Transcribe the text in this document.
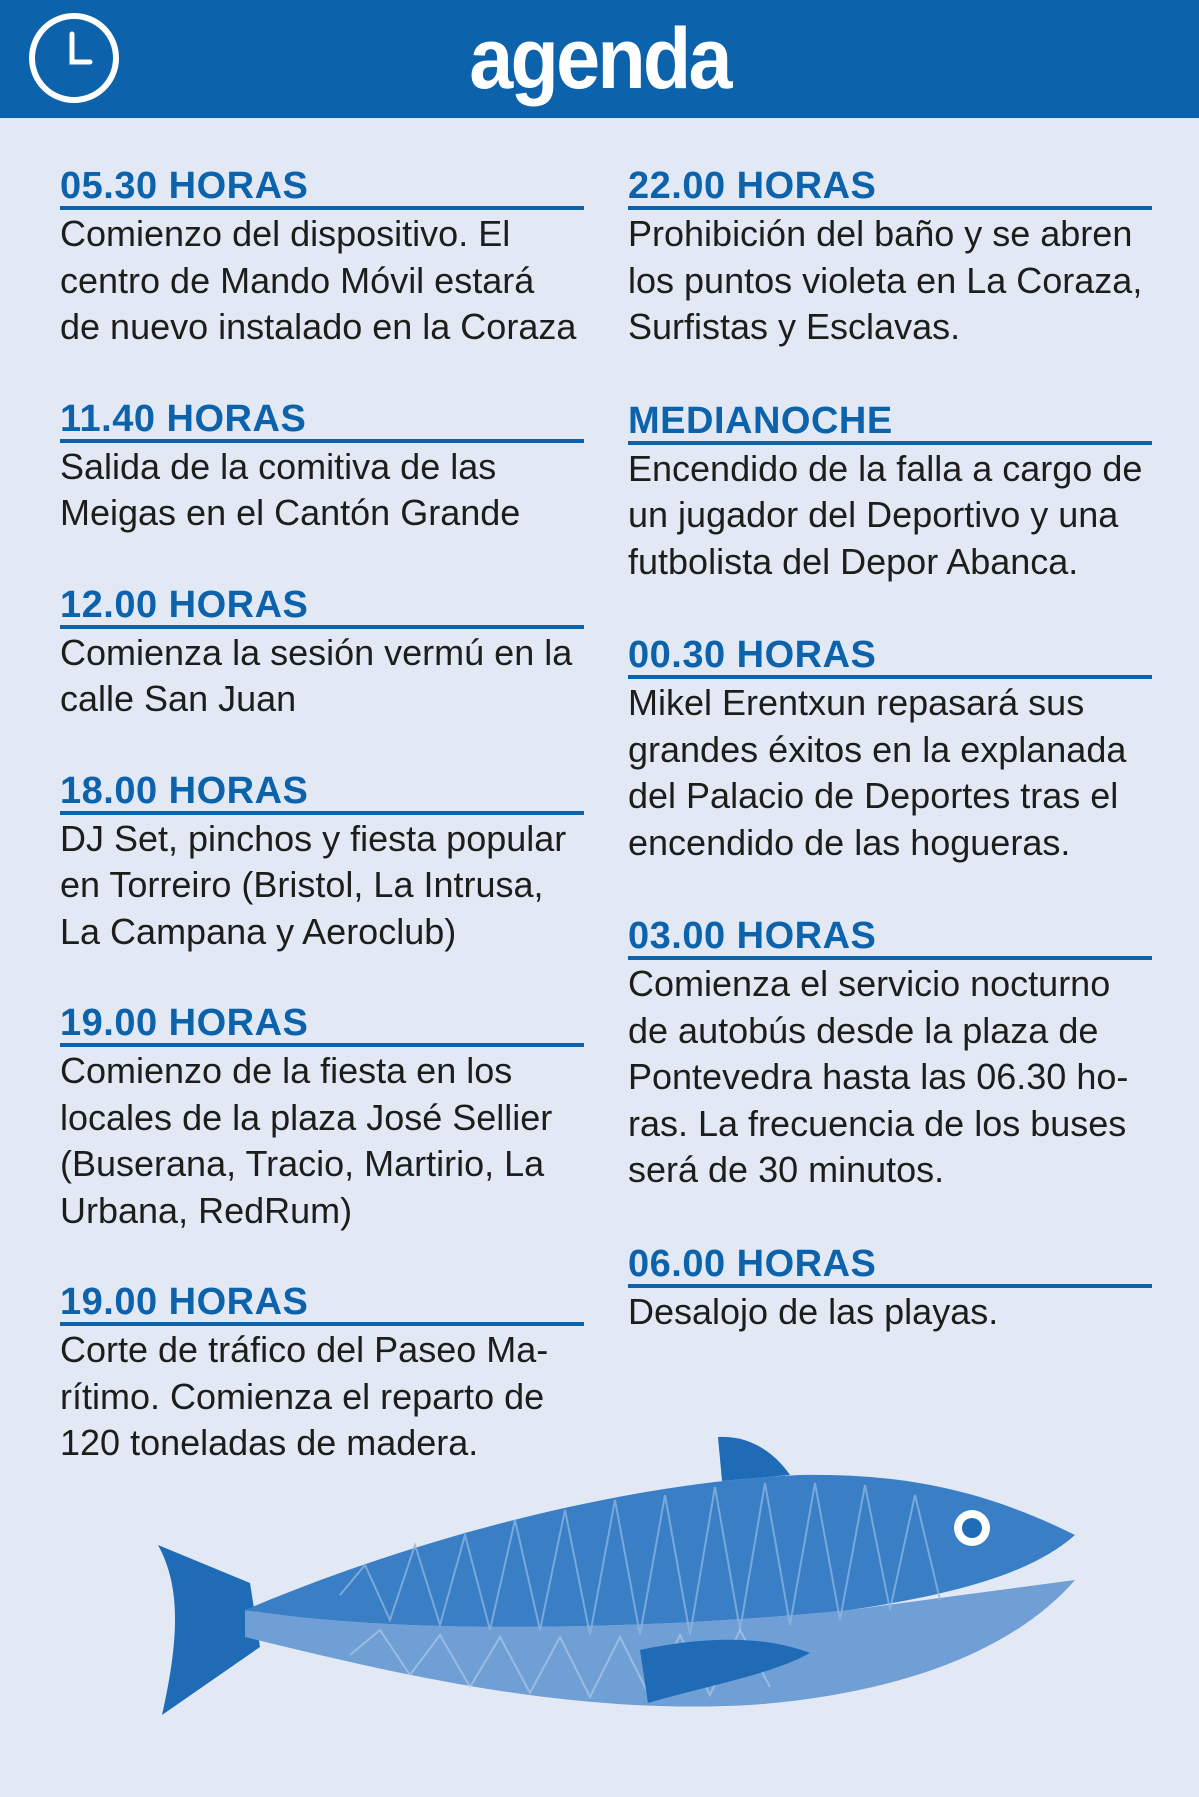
agenda
05.30 HORAS
Comienzo del dispositivo. El
centro de Mando Móvil estará
de nuevo instalado en la Coraza
11.40 HORAS
Salida de la comitiva de las
Meigas en el Cantón Grande
12.00 HORAS
Comienza la sesión vermú en la
calle San Juan
18.00 HORAS
DJ Set, pinchos y fiesta popular
en Torreiro (Bristol, La Intrusa,
La Campana y Aeroclub)
19.00 HORAS
Comienzo de la fiesta en los
locales de la plaza José Sellier
(Buserana, Tracio, Martirio, La
Urbana, RedRum)
19.00 HORAS
Corte de tráfico del Paseo Ma-
rítimo. Comienza el reparto de
120 toneladas de madera.
22.00 HORAS
Prohibición del baño y se abren
los puntos violeta en La Coraza,
Surfistas y Esclavas.
MEDIANOCHE
Encendido de la falla a cargo de
un jugador del Deportivo y una
futbolista del Depor Abanca.
00.30 HORAS
Mikel Erentxun repasará sus
grandes éxitos en la explanada
del Palacio de Deportes tras el
encendido de las hogueras.
03.00 HORAS
Comienza el servicio nocturno
de autobús desde la plaza de
Pontevedra hasta las 06.30 ho-
ras. La frecuencia de los buses
será de 30 minutos.
06.00 HORAS
Desalojo de las playas.
